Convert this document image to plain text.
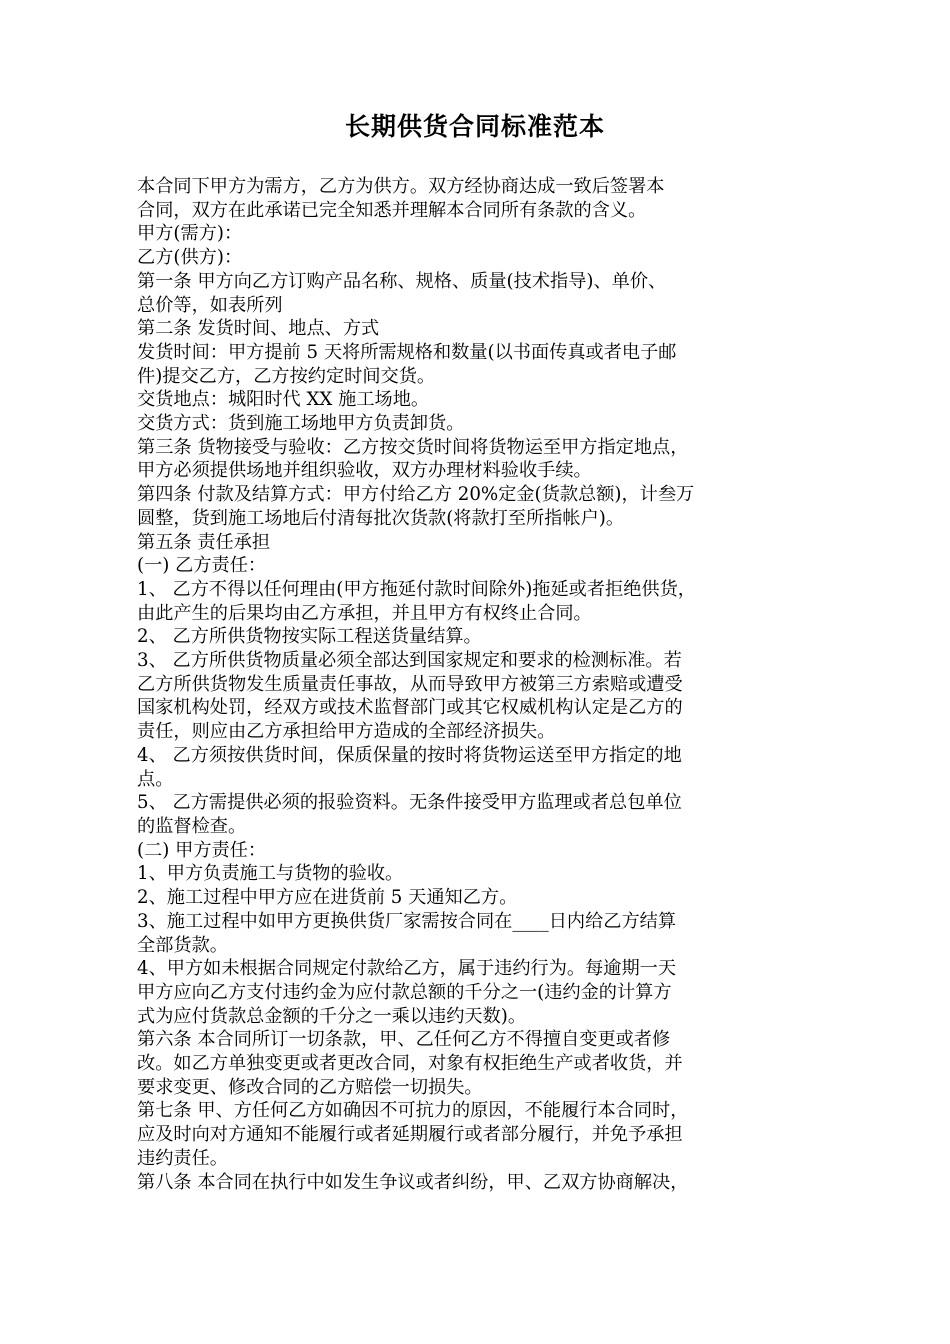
长期供货合同标准范本

本合同下甲方为需方，乙方为供方。双方经协商达成一致后签署本

合同，双方在此承诺已完全知悉并理解本合同所有条款的含义。

甲方(需方)：

乙方(供方)：

第一条 甲方向乙方订购产品名称、规格、质量(技术指导)、单价、

总价等，如表所列

第二条 发货时间、地点、方式

发货时间：甲方提前 5 天将所需规格和数量(以书面传真或者电子邮

件)提交乙方，乙方按约定时间交货。

交货地点：城阳时代 XX 施工场地。

交货方式：货到施工场地甲方负责卸货。

第三条 货物接受与验收：乙方按交货时间将货物运至甲方指定地点，

甲方必须提供场地并组织验收，双方办理材料验收手续。

第四条 付款及结算方式：甲方付给乙方 20%定金(货款总额)，计叁万

圆整，货到施工场地后付清每批次货款(将款打至所指帐户)。

第五条 责任承担

(一) 乙方责任：

1、 乙方不得以任何理由(甲方拖延付款时间除外)拖延或者拒绝供货，

由此产生的后果均由乙方承担，并且甲方有权终止合同。

2、 乙方所供货物按实际工程送货量结算。

3、 乙方所供货物质量必须全部达到国家规定和要求的检测标准。若

乙方所供货物发生质量责任事故，从而导致甲方被第三方索赔或遭受

国家机构处罚，经双方或技术监督部门或其它权威机构认定是乙方的

责任，则应由乙方承担给甲方造成的全部经济损失。

4、 乙方须按供货时间，保质保量的按时将货物运送至甲方指定的地

点。

5、 乙方需提供必须的报验资料。无条件接受甲方监理或者总包单位

的监督检查。

(二) 甲方责任：

1、甲方负责施工与货物的验收。

2、施工过程中甲方应在进货前 5 天通知乙方。

3、施工过程中如甲方更换供货厂家需按合同在____日内给乙方结算

全部货款。

4、甲方如未根据合同规定付款给乙方，属于违约行为。每逾期一天

甲方应向乙方支付违约金为应付款总额的千分之一(违约金的计算方

式为应付货款总金额的千分之一乘以违约天数)。

第六条 本合同所订一切条款，甲、乙任何乙方不得擅自变更或者修

改。如乙方单独变更或者更改合同，对象有权拒绝生产或者收货，并

要求变更、修改合同的乙方赔偿一切损失。

第七条 甲、方任何乙方如确因不可抗力的原因，不能履行本合同时，

应及时向对方通知不能履行或者延期履行或者部分履行，并免予承担

违约责任。

第八条 本合同在执行中如发生争议或者纠纷，甲、乙双方协商解决，
